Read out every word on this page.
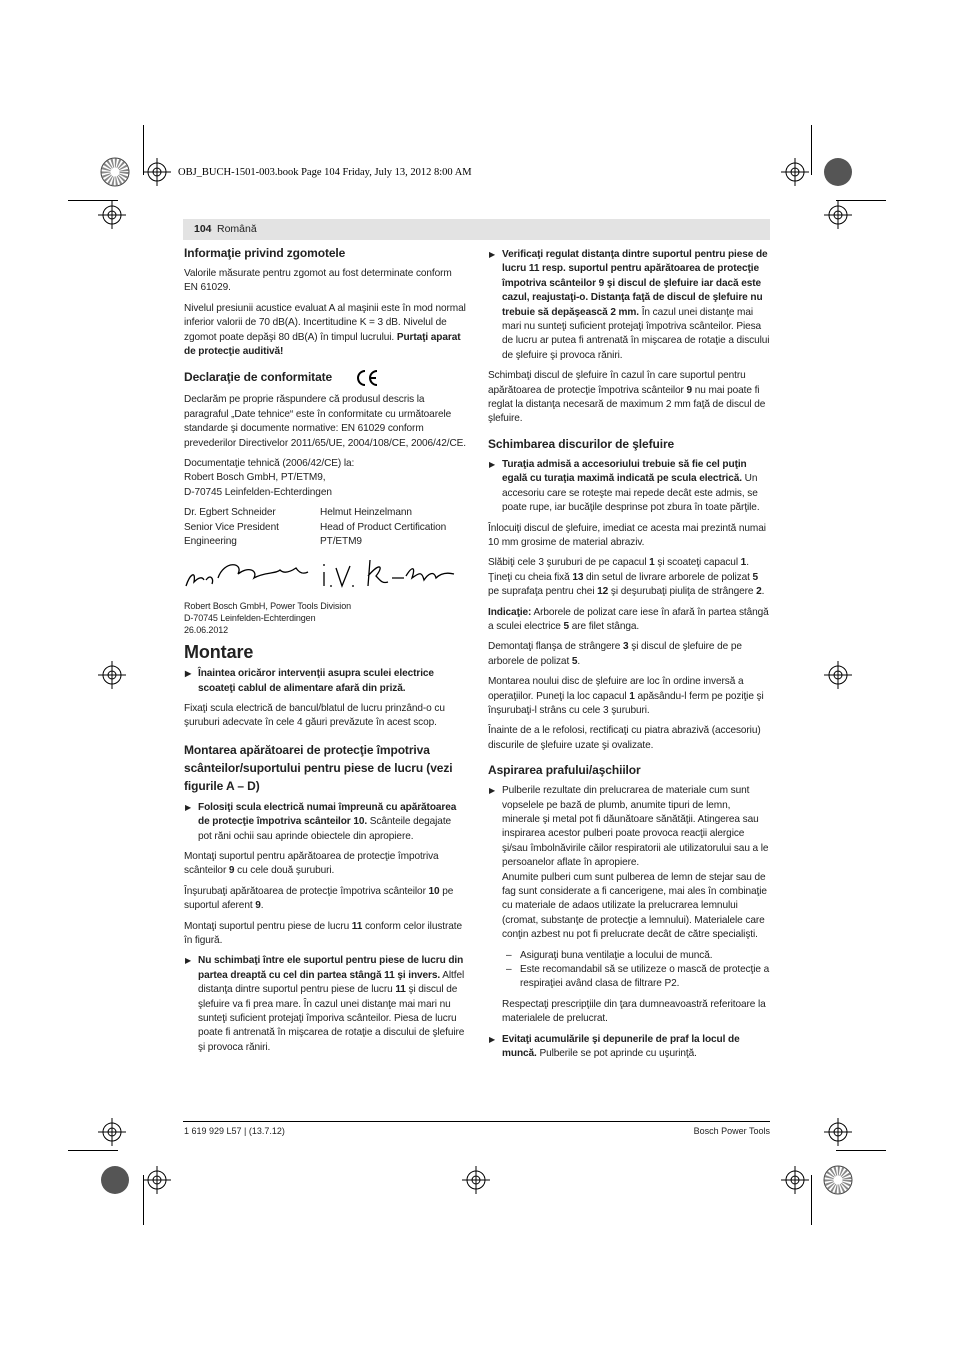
OBJ_BUCH-1501-003.book Page 104 Friday, July 13, 2012 8:00 AM
104 Română
Informaţie privind zgomotele

Valorile măsurate pentru zgomot au fost determinate conform EN 61029.

Nivelul presiunii acustice evaluat A al maşinii este în mod normal inferior valorii de 70 dB(A). Incertitudine K = 3 dB. Nivelul de zgomot poate depăşi 80 dB(A) în timpul lucrului. Purtaţi aparat de protecţie auditivă!

Declaraţie de conformitate

Declarăm pe proprie răspundere că produsul descris la paragraful „Date tehnice“ este în conformitate cu următoarele standarde şi documente normative: EN 61029 conform prevederilor Directivelor 2011/65/UE, 2004/108/CE, 2006/42/CE.

Documentaţie tehnică (2006/42/CE) la:
Robert Bosch GmbH, PT/ETM9,
D-70745 Leinfelden-Echterdingen

Dr. Egbert Schneider
Senior Vice President
Engineering
Helmut Heinzelmann
Head of Product Certification
PT/ETM9
Robert Bosch GmbH, Power Tools Division
D-70745 Leinfelden-Echterdingen
26.06.2012
Montare
▶ Înaintea oricăror intervenţii asupra sculei electrice scoateţi cablul de alimentare afară din priză.

Fixaţi scula electrică de bancul/blatul de lucru prinzând-o cu şuruburi adecvate în cele 4 găuri prevăzute în acest scop.

Montarea apărătoarei de protecţie împotriva scânteilor/suportului pentru piese de lucru (vezi figurile A – D)
▶ Folosiţi scula electrică numai împreună cu apărătoarea de protecţie împotriva scânteilor 10. Scânteile degajate pot răni ochii sau aprinde obiectele din apropiere.

Montaţi suportul pentru apărătoarea de protecţie împotriva scânteilor 9 cu cele două şuruburi.

Înşurubaţi apărătoarea de protecţie împotriva scânteilor 10 pe suportul aferent 9.

Montaţi suportul pentru piese de lucru 11 conform celor ilustrate în figură.

▶ Nu schimbaţi între ele suportul pentru piese de lucru din partea dreaptă cu cel din partea stângă 11 şi invers. Altfel distanţa dintre suportul pentru piese de lucru 11 şi discul de şlefuire va fi prea mare. În cazul unei distanţe mai mari nu sunteţi suficient protejaţi împoriva scânteilor. Piesa de lucru poate fi antrenată în mişcarea de rotaţie a discului de şlefuire şi provoca răniri.
▶ Verificaţi regulat distanţa dintre suportul pentru piese de lucru 11 resp. suportul pentru apărătoarea de protecţie împotriva scânteilor 9 şi discul de şlefuire iar dacă este cazul, reajustaţi-o. Distanţa faţă de discul de şlefuire nu trebuie să depăşească 2 mm. În cazul unei distanţe mai mari nu sunteţi suficient protejaţi împotriva scânteilor. Piesa de lucru ar putea fi antrenată în mişcarea de rotaţie a discului de şlefuire şi provoca răniri.

Schimbaţi discul de şlefuire în cazul în care suportul pentru apărătoarea de protecţie împotriva scânteilor 9 nu mai poate fi reglat la distanţa necesară de maximum 2 mm faţă de discul de şlefuire.

Schimbarea discurilor de şlefuire
▶ Turaţia admisă a accesoriului trebuie să fie cel puţin egală cu turaţia maximă indicată pe scula electrică. Un accesoriu care se roteşte mai repede decât este admis, se poate rupe, iar bucăţile desprinse pot zbura în toate părţile.

Înlocuiţi discul de şlefuire, imediat ce acesta mai prezintă numai 10 mm grosime de material abraziv.

Slăbiţi cele 3 şuruburi de pe capacul 1 şi scoateţi capacul 1. Ţineţi cu cheia fixă 13 din setul de livrare arborele de polizat 5 pe suprafaţa pentru chei 12 şi deşurubaţi piuliţa de strângere 2.

Indicaţie: Arborele de polizat care iese în afară în partea stângă a sculei electrice 5 are filet stânga.

Demontaţi flanşa de strângere 3 şi discul de şlefuire de pe arborele de polizat 5.

Montarea noului disc de şlefuire are loc în ordine inversă a operaţiilor. Puneţi la loc capacul 1 apăsându-l ferm pe poziţie şi înşurubaţi-l strâns cu cele 3 şuruburi.

Înainte de a le refolosi, rectificaţi cu piatra abrazivă (accesoriu) discurile de şlefuire uzate şi ovalizate.

Aspirarea prafului/aşchiilor
▶ Pulberile rezultate din prelucrarea de materiale cum sunt vopselele pe bază de plumb, anumite tipuri de lemn, minerale şi metal pot fi dăunătoare sănătăţii. Atingerea sau inspirarea acestor pulberi poate provoca reacţii alergice şi/sau îmbolnăvirile căilor respiratorii ale utilizatorului sau a le persoanelor aflate în apropiere.
Anumite pulberi cum sunt pulberea de lemn de stejar sau de fag sunt considerate a fi cancerigene, mai ales în combinaţie cu materiale de adaos utilizate la prelucrarea lemnului (cromat, substanţe de protecţie a lemnului). Materialele care conţin azbest nu pot fi prelucrate decât de către specialişti.
– Asiguraţi buna ventilaţie a locului de muncă.
– Este recomandabil să se utilizeze o mască de protecţie a respiraţiei având clasa de filtrare P2.

Respectaţi prescripţiile din ţara dumneavoastră referitoare la materialele de prelucrat.

▶ Evitaţi acumulările şi depunerile de praf la locul de muncă. Pulberile se pot aprinde cu uşurinţă.
1 619 929 L57 | (13.7.12)	Bosch Power Tools
